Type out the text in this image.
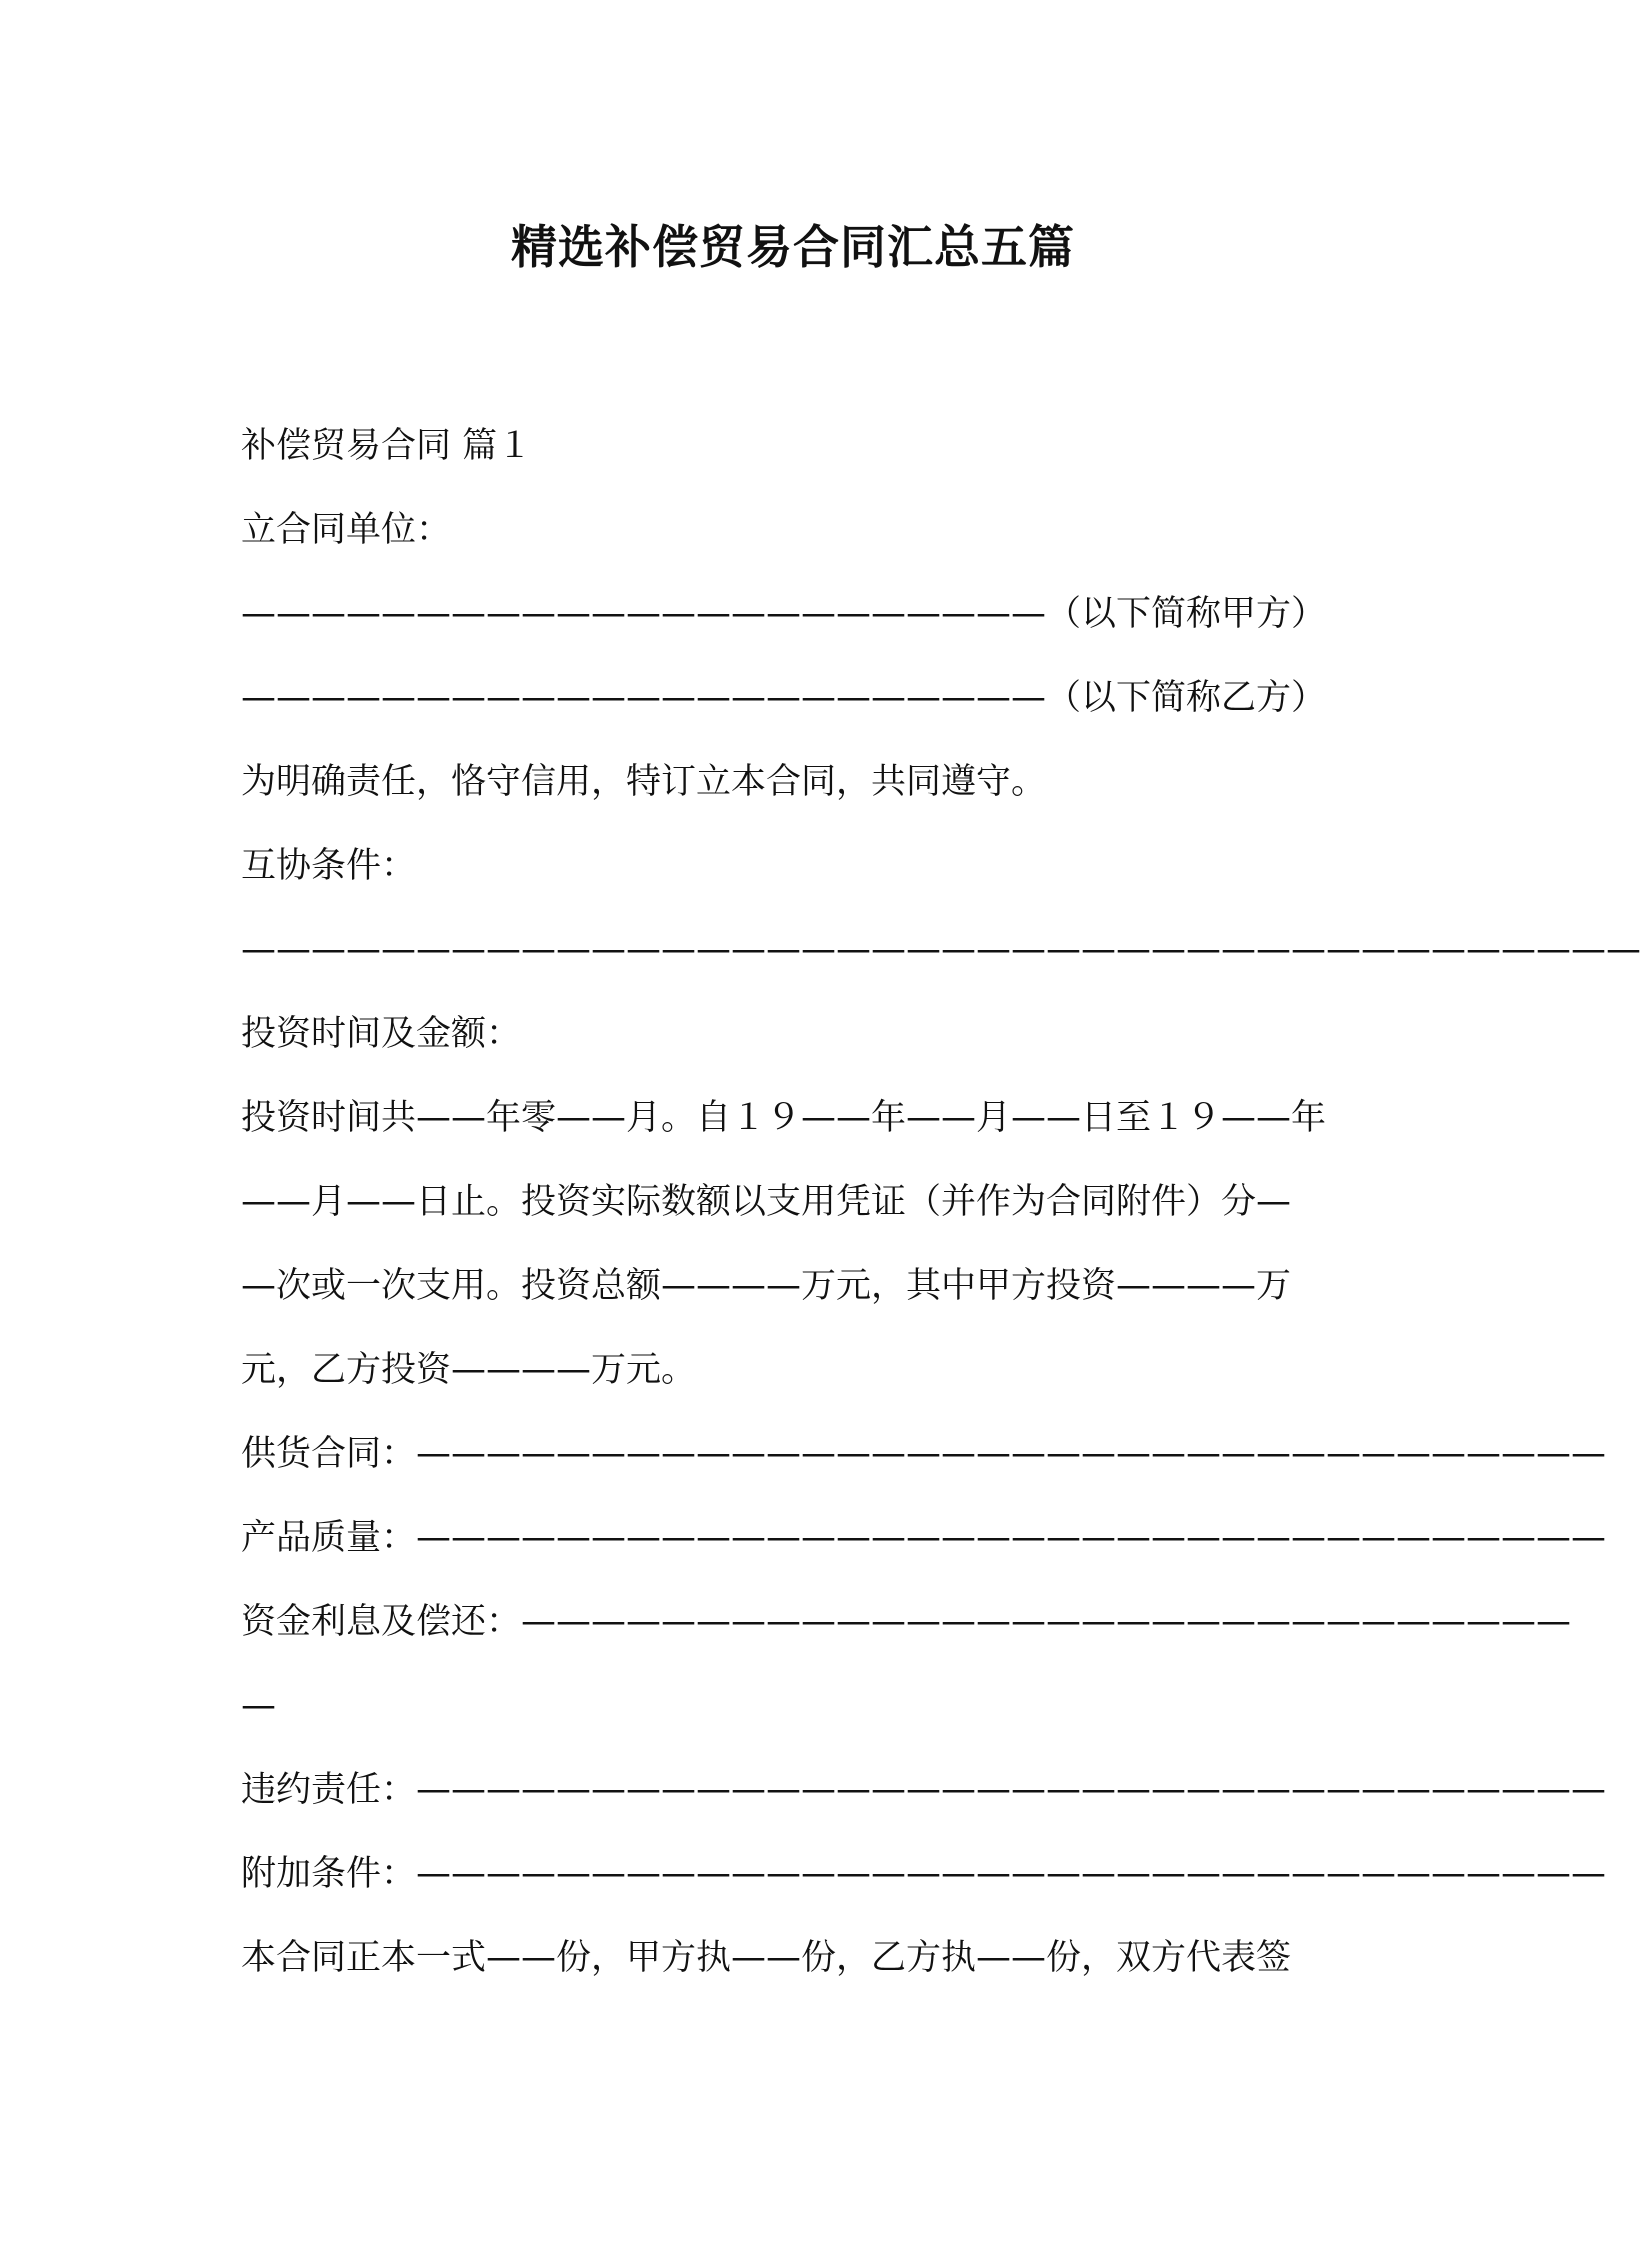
精选补偿贸易合同汇总五篇
补偿贸易合同 篇１
立合同单位：
———————————————————————（以下简称甲方）
———————————————————————（以下简称乙方）
为明确责任，恪守信用，特订立本合同，共同遵守。
互协条件：
————————————————————————————————————————
投资时间及金额：
投资时间共——年零——月。自１９——年——月——日至１９——年
——月——日止。投资实际数额以支用凭证（并作为合同附件）分—
—次或一次支用。投资总额————万元，其中甲方投资————万
元，乙方投资————万元。
供货合同： ——————————————————————————————————
产品质量： ——————————————————————————————————
资金利息及偿还： ——————————————————————————————
—
违约责任： ——————————————————————————————————
附加条件： ——————————————————————————————————
本合同正本一式——份，甲方执——份，乙方执——份，双方代表签
